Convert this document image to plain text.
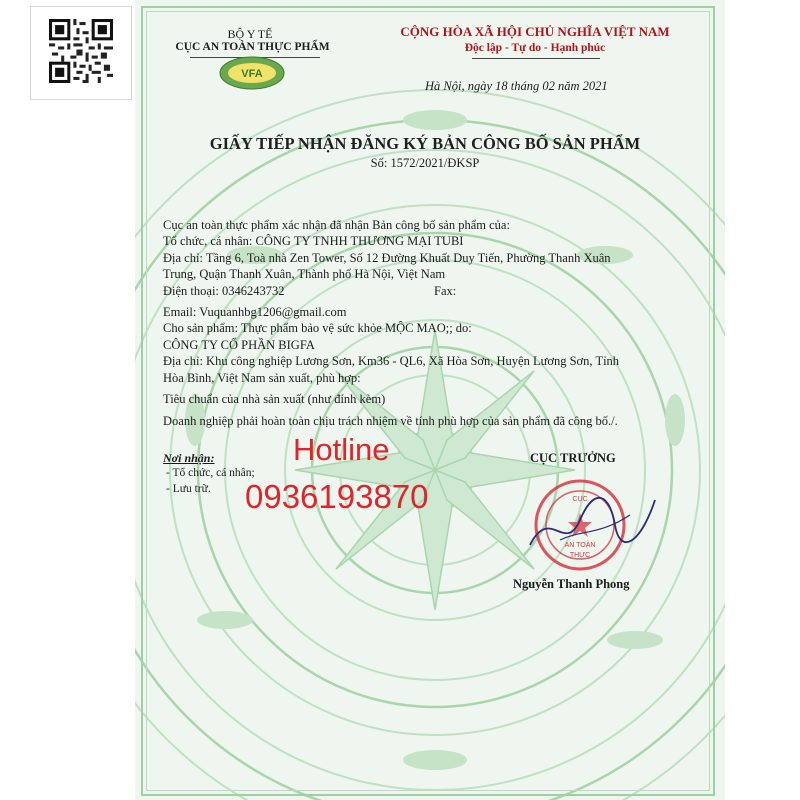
BỘ Y TẾ
CỤC AN TOÀN THỰC PHẨM
VFA
CỘNG HÒA XÃ HỘI CHỦ NGHĨA VIỆT NAM
Độc lập - Tự do - Hạnh phúc
Hà Nội, ngày 18 tháng 02 năm 2021
GIẤY TIẾP NHẬN ĐĂNG KÝ BẢN CÔNG BỐ SẢN PHẨM
Số: 1572/2021/ĐKSP
Cục an toàn thực phẩm xác nhận đã nhận Bản công bố sản phẩm của:
Tổ chức, cá nhân: CÔNG TY TNHH THƯƠNG MẠI TUBI
Địa chỉ: Tầng 6, Toà nhà Zen Tower, Số 12 Đường Khuất Duy Tiến, Phường Thanh Xuân
Trung, Quận Thanh Xuân, Thành phố Hà Nội, Việt Nam
Điện thoại: 0346243732	Fax:
Email: Vuquanhbg1206@gmail.com
Cho sản phẩm: Thực phẩm bảo vệ sức khỏe MỘC MAO;; do:
CÔNG TY CỔ PHẦN BIGFA
Địa chỉ: Khu công nghiệp Lương Sơn, Km36 - QL6, Xã Hòa Sơn, Huyện Lương Sơn, Tỉnh
Hòa Bình, Việt Nam sản xuất, phù hợp:
Tiêu chuẩn của nhà sản xuất (như đính kèm)
Doanh nghiệp phải hoàn toàn chịu trách nhiệm về tính phù hợp của sản phẩm đã công bố./.
Nơi nhận:
- Tổ chức, cá nhân;
- Lưu trữ.
CỤC TRƯỞNG
CỤC
AN TOÀN
THỰC
Nguyễn Thanh Phong
Hotline
0936193870
